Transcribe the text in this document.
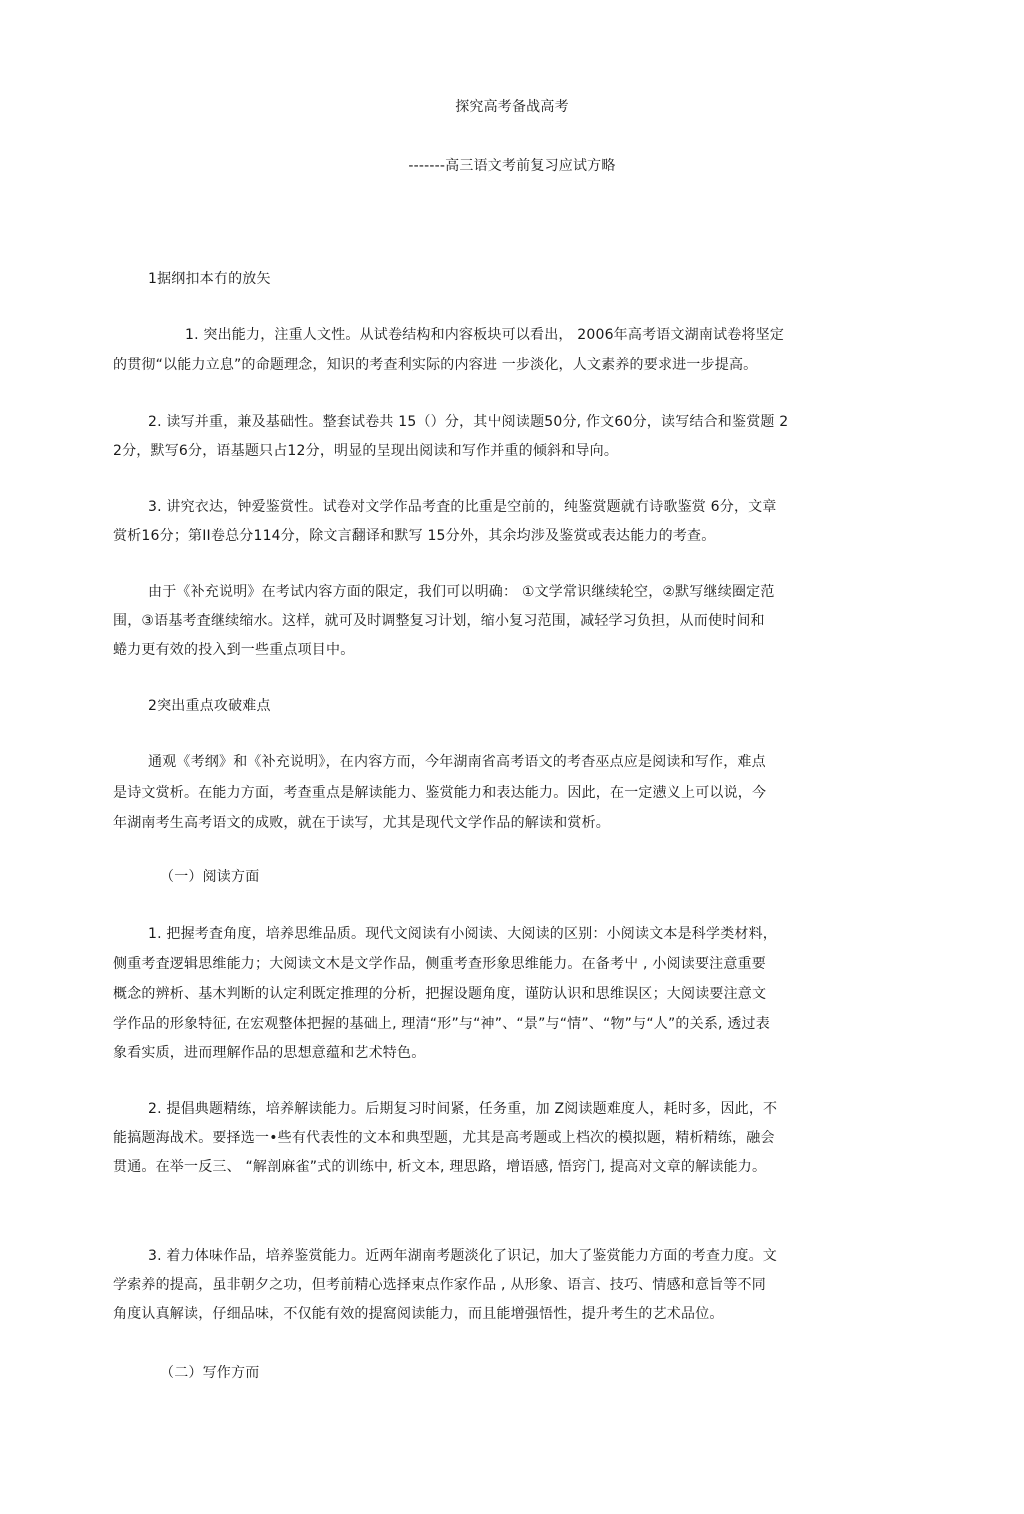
探究高考备战高考
-------高三语文考前复习应试方略
1据纲扣本冇的放矢
1. 突出能力，注重人文性。从试卷结构和内容板块可以看出， 2006年高考语文湖南试卷将坚定
的贯彻“以能力立息”的命题理念，知识的考查利实际的内容进 一步淡化，人文素养的要求进一步提高。
2. 读写并重，兼及基础性。整套试卷共 15（）分，其屮阅读题50分, 作文60分，读写结合和鉴赏题 2
2分，默写6分，语基题只占12分，明显的呈现出阅读和写作并重的倾斜和导向。
3. 讲究衣达，钟爱鉴赏性。试卷对文学作品考査的比重是空前的，纯鉴赏题就冇诗歌鉴赏 6分，文章
赏析16分；第II卷总分114分，除文言翻译和默写 15分外，其余均涉及鉴赏或表达能力的考查。
由于《补充说明》在考试内容方面的限定，我们可以明确： ①文学常识继续轮空，②默写继续圈定范
围，③语基考査继续缩水。这样，就可及时调整复习计划，缩小复习范围，减轻学习负担，从而使时间和
蜷力更有效的投入到一些重点项目中。
2突出重点攻破难点
通观《考纲》和《补充说明》，在内容方而，今年湖南省高考语文的考杳巫点应是阅读和写作，难点
是诗文赏析。在能力方面，考查重点是解读能力、鉴赏能力和表达能力。因此，在一定懑义上可以说，今
年湖南考生高考语文的成败，就在于读写，尤其是现代文学作品的解读和赏析。
（一）阅读方面
1. 把握考査角度，培养思维品质。现代文阅读有小阅读、大阅读的区别：小阅读文本是科学类材料，
侧重考査逻辑思维能力；大阅读文木是文学作品，侧重考查形象思维能力。在备考屮 , 小阅读要注意重要
概念的辨析、基木判断的认定利既定推理的分析，把握设题角度，谨防认识和思维误区；大阅读要注意文
学作品的形象特征, 在宏观整体把握的基础上, 理清“形”与“神”、“景”与“情”、“物”与“人”的关系, 透过表
象看实质，进而理解作品的思想意蕴和艺术特色。
2. 提倡典题精练，培养解读能力。后期复习时间紧，任务重，加 Z阅读题难度人，耗时多，因此，不
能搞题海战术。要择选一•些有代表性的文本和典型题，尤其是高考题或上档次的模拟题，精析精练，融会
贯通。在举一反三、 “解剖麻雀”式的训练中, 析文本, 理思路，增语感, 悟窍门, 提高对文章的解读能力。
3. 着力体味作品，培养鉴赏能力。近两年湖南考题淡化了识记，加大了鉴赏能力方面的考查力度。文
学索养的提高，虽非朝夕之功，但考前精心选择束点作家作品 , 从形象、语言、技巧、情感和意旨等不同
角度认真解读，仔细品味，不仅能有效的提窩阅读能力，而且能增强悟性，提升考生的艺术品位。
（二）写作方而
